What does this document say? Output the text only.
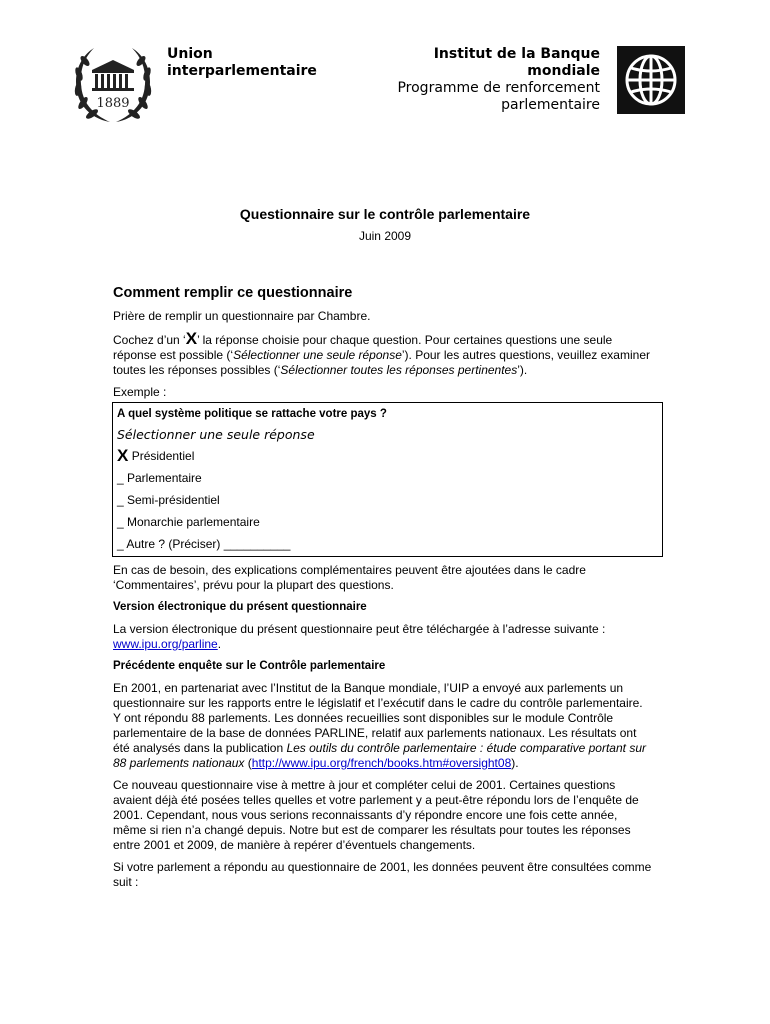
1889
Union
interparlementaire
Institut de la Banque
mondiale
Programme de renforcement
parlementaire
Questionnaire sur le contrôle parlementaire
Juin 2009
Comment remplir ce questionnaire

Prière de remplir un questionnaire par Chambre.

Cochez d’un ‘X’ la réponse choisie pour chaque question. Pour certaines questions une seule réponse est possible (‘Sélectionner une seule réponse’). Pour les autres questions, veuillez examiner toutes les réponses possibles (‘Sélectionner toutes les réponses pertinentes’).

Exemple :

A quel système politique se rattache votre pays ?
Sélectionner une seule réponse
X Présidentiel
_ Parlementaire
_ Semi-présidentiel
_ Monarchie parlementaire
_ Autre ? (Préciser) __________

En cas de besoin, des explications complémentaires peuvent être ajoutées dans le cadre ‘Commentaires’, prévu pour la plupart des questions.

Version électronique du présent questionnaire

La version électronique du présent questionnaire peut être téléchargée à l’adresse suivante : www.ipu.org/parline.

Précédente enquête sur le Contrôle parlementaire

En 2001, en partenariat avec l’Institut de la Banque mondiale, l’UIP a envoyé aux parlements un questionnaire sur les rapports entre le législatif et l’exécutif dans le cadre du contrôle parlementaire. Y ont répondu 88 parlements. Les données recueillies sont disponibles sur le module Contrôle parlementaire de la base de données PARLINE, relatif aux parlements nationaux. Les résultats ont été analysés dans la publication Les outils du contrôle parlementaire : étude comparative portant sur 88 parlements nationaux (http://www.ipu.org/french/books.htm#oversight08).

Ce nouveau questionnaire vise à mettre à jour et compléter celui de 2001. Certaines questions avaient déjà été posées telles quelles et votre parlement y a peut-être répondu lors de l’enquête de 2001. Cependant, nous vous serions reconnaissants d’y répondre encore une fois cette année, même si rien n’a changé depuis. Notre but est de comparer les résultats pour toutes les réponses entre 2001 et 2009, de manière à repérer d’éventuels changements.

Si votre parlement a répondu au questionnaire de 2001, les données peuvent être consultées comme suit :
